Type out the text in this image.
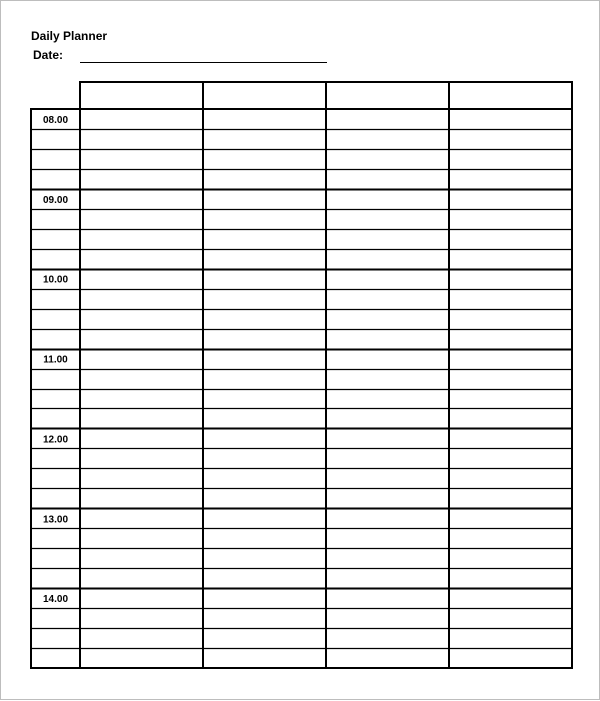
Daily Planner
Date:
08.00
09.00
10.00
11.00
12.00
13.00
14.00
